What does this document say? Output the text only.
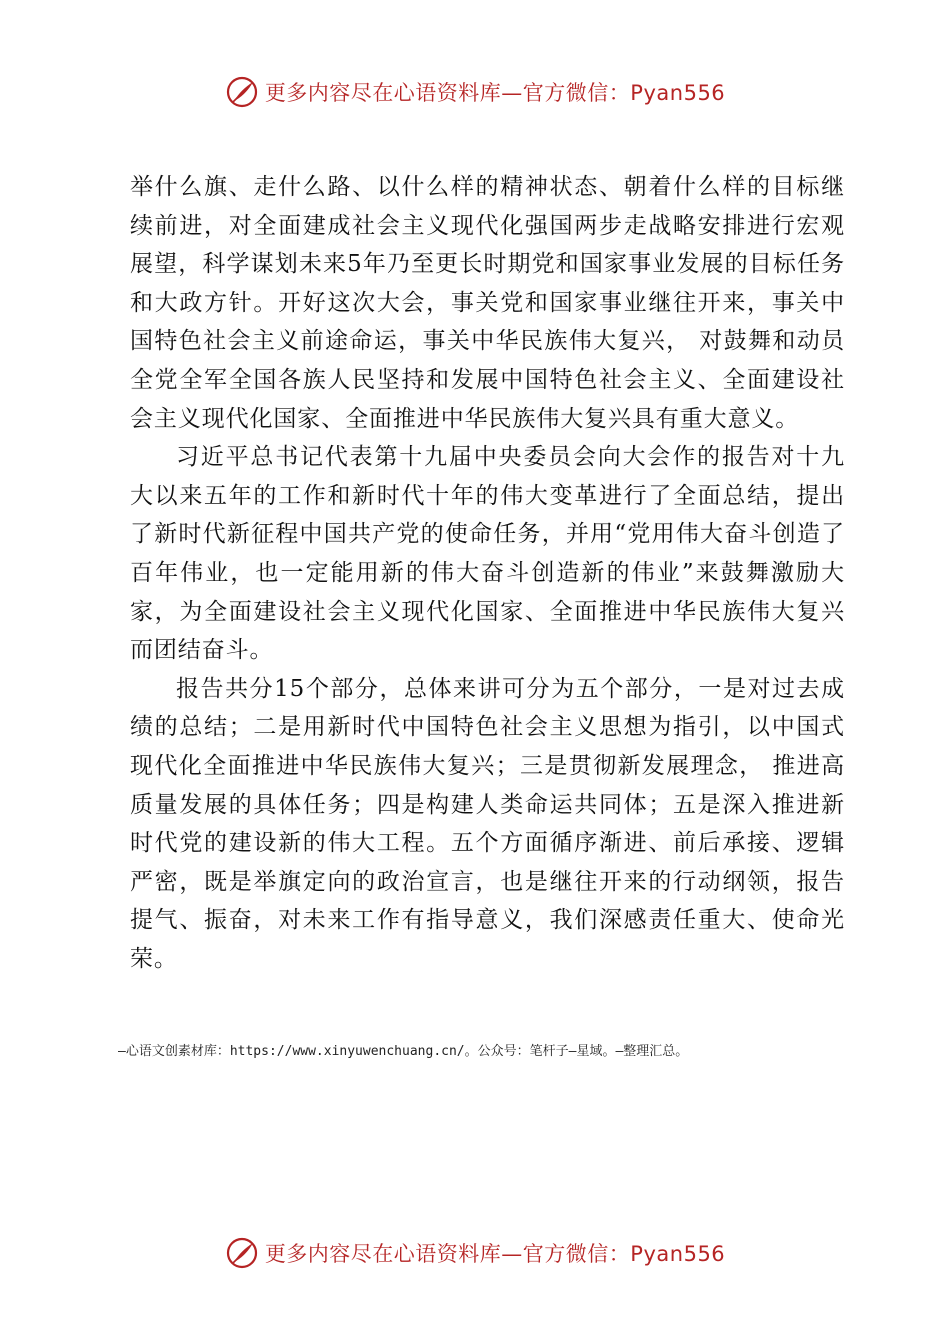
更多内容尽在心语资料库—官方微信：Pyan556

举什么旗、走什么路、以什么样的精神状态、朝着什么样的目标继续前进，对全面建成社会主义现代化强国两步走战略安排进行宏观展望，科学谋划未来5年乃至更长时期党和国家事业发展的目标任务和大政方针。开好这次大会，事关党和国家事业继往开来，事关中国特色社会主义前途命运，事关中华民族伟大复兴， 对鼓舞和动员全党全军全国各族人民坚持和发展中国特色社会主义、全面建设社会主义现代化国家、全面推进中华民族伟大复兴具有重大意义。

习近平总书记代表第十九届中央委员会向大会作的报告对十九大以来五年的工作和新时代十年的伟大变革进行了全面总结，提出了新时代新征程中国共产党的使命任务，并用“党用伟大奋斗创造了百年伟业，也一定能用新的伟大奋斗创造新的伟业”来鼓舞激励大家，为全面建设社会主义现代化国家、全面推进中华民族伟大复兴而团结奋斗。

报告共分15个部分，总体来讲可分为五个部分，一是对过去成绩的总结；二是用新时代中国特色社会主义思想为指引，以中国式现代化全面推进中华民族伟大复兴；三是贯彻新发展理念， 推进高质量发展的具体任务；四是构建人类命运共同体；五是深入推进新时代党的建设新的伟大工程。五个方面循序渐进、前后承接、逻辑严密，既是举旗定向的政治宣言，也是继往开来的行动纲领，报告提气、振奋，对未来工作有指导意义，我们深感责任重大、使命光荣。

—心语文创素材库：https://www.xinyuwenchuang.cn/。公众号：笔杆子—星域。—整理汇总。
更多内容尽在心语资料库—官方微信：Pyan556
